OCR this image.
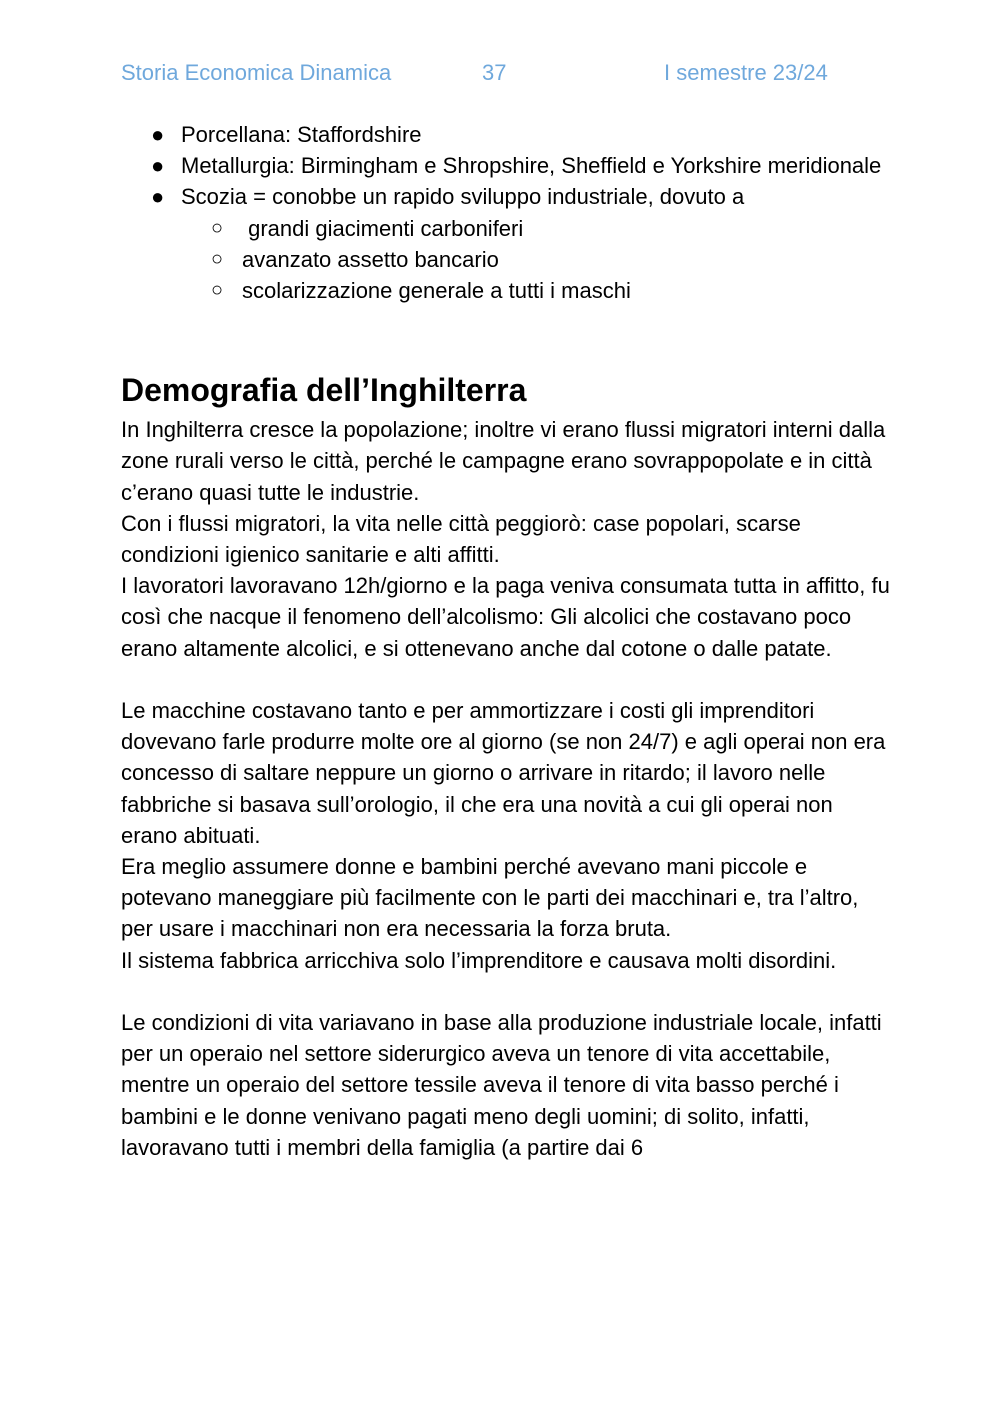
Storia Economica Dinamica	37	I semestre 23/24
● Porcellana: Staffordshire
● Metallurgia: Birmingham e Shropshire, Sheffield e Yorkshire meridionale
● Scozia = conobbe un rapido sviluppo industriale, dovuto a
○ grandi giacimenti carboniferi
○ avanzato assetto bancario
○ scolarizzazione generale a tutti i maschi
Demografia dell’Inghilterra

In Inghilterra cresce la popolazione; inoltre vi erano flussi migratori interni dalla zone rurali verso le città, perché le campagne erano sovrappopolate e in città c’erano quasi tutte le industrie.

Con i flussi migratori, la vita nelle città peggiorò: case popolari, scarse condizioni igienico sanitarie e alti affitti.

I lavoratori lavoravano 12h/giorno e la paga veniva consumata tutta in affitto, fu così che nacque il fenomeno dell’alcolismo: Gli alcolici che costavano poco erano altamente alcolici, e si ottenevano anche dal cotone o dalle patate.

Le macchine costavano tanto e per ammortizzare i costi gli imprenditori dovevano farle produrre molte ore al giorno (se non 24/7) e agli operai non era concesso di saltare neppure un giorno o arrivare in ritardo; il lavoro nelle fabbriche si basava sull’orologio, il che era una novità a cui gli operai non erano abituati.

Era meglio assumere donne e bambini perché avevano mani piccole e potevano maneggiare più facilmente con le parti dei macchinari e, tra l’altro, per usare i macchinari non era necessaria la forza bruta.

Il sistema fabbrica arricchiva solo l’imprenditore e causava molti disordini.

Le condizioni di vita variavano in base alla produzione industriale locale, infatti per un operaio nel settore siderurgico aveva un tenore di vita accettabile, mentre un operaio del settore tessile aveva il tenore di vita basso perché i bambini e le donne venivano pagati meno degli uomini; di solito, infatti, lavoravano tutti i membri della famiglia (a partire dai 6
